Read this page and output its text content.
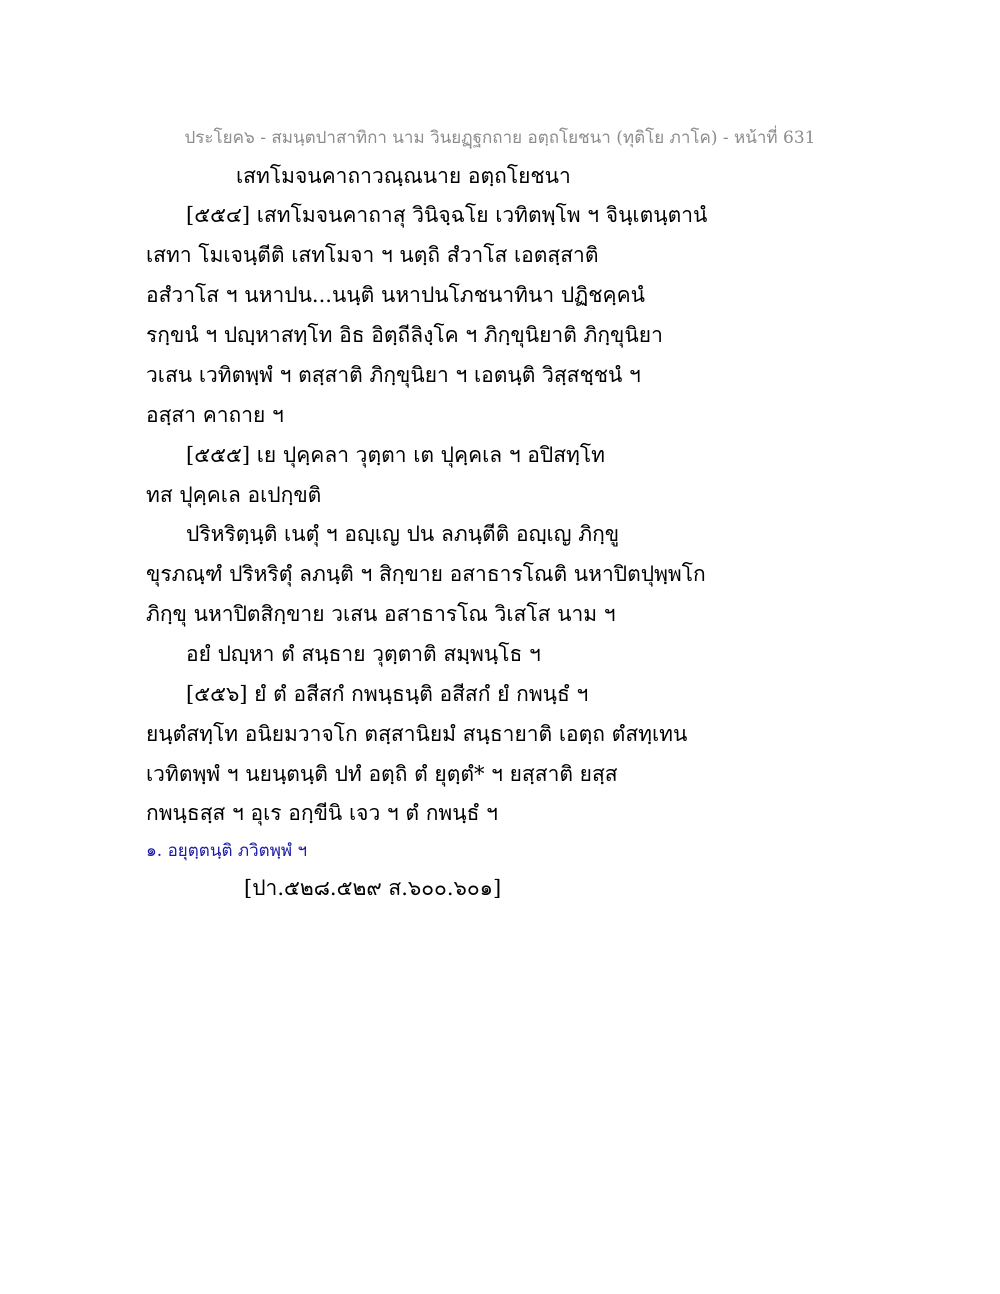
ประโยค๖ - สมนฺตปาสาทิกา นาม วินยฏฺฐกถาย อตฺถโยชนา (ทุติโย ภาโค) - หน้าที่ 631
เสทโมจนคาถาวณฺณนาย อตฺถโยชนา
[๕๕๔] เสทโมจนคาถาสุ วินิจฺฉโย เวทิตพฺโพ ฯ จินฺเตนฺตานํ
เสทา โมเจนฺตีติ เสทโมจา ฯ นตฺถิ สํวาโส เอตสฺสาติ
อสํวาโส ฯ นหาปน...นนฺติ นหาปนโภชนาทินา ปฏิชคฺคนํ
รกฺขนํ ฯ ปญฺหาสทฺโท อิธ อิตฺถีลิงฺโค ฯ ภิกฺขุนิยาติ ภิกฺขุนิยา
วเสน เวทิตพฺพํ ฯ ตสฺสาติ ภิกฺขุนิยา ฯ เอตนฺติ วิสฺสชฺชนํ ฯ
อสฺสา คาถาย ฯ
[๕๕๕] เย ปุคฺคลา วุตฺตา เต ปุคฺคเล ฯ อปิสทฺโท
ทส ปุคฺคเล อเปกฺขติ
ปริหริตฺนฺติ เนตุํ ฯ อญฺเญ ปน ลภนฺตีติ อญฺเญ ภิกฺขู
ขุรภณฺฑํ ปริหริตุํ ลภนฺติ ฯ สิกฺขาย อสาธารโณติ นหาปิตปุพฺพโก
ภิกฺขุ นหาปิตสิกฺขาย วเสน อสาธารโณ วิเสโส นาม ฯ
อยํ ปญฺหา ตํ สนฺธาย วุตฺตาติ สมฺพนฺโธ ฯ
[๕๕๖] ยํ ตํ อสีสกํ กพนฺธนฺติ อสีสกํ ยํ กพนฺธํ ฯ
ยนฺตํสทฺโท อนิยมวาจโก ตสฺสานิยมํ สนฺธายาติ เอตฺถ ตํสทฺเทน
เวทิตพฺพํ ฯ นยนฺตนฺติ ปทํ อตฺถิ ตํ ยุตฺตํ* ฯ ยสฺสาติ ยสฺส
กพนฺธสฺส ฯ อุเร อกฺขีนิ เจว ฯ ตํ กพนฺธํ ฯ
๑. อยุตฺตนฺติ ภวิตพฺพํ ฯ
[ปา.๕๒๘.๕๒๙ ส.๖๐๐.๖๐๑]
